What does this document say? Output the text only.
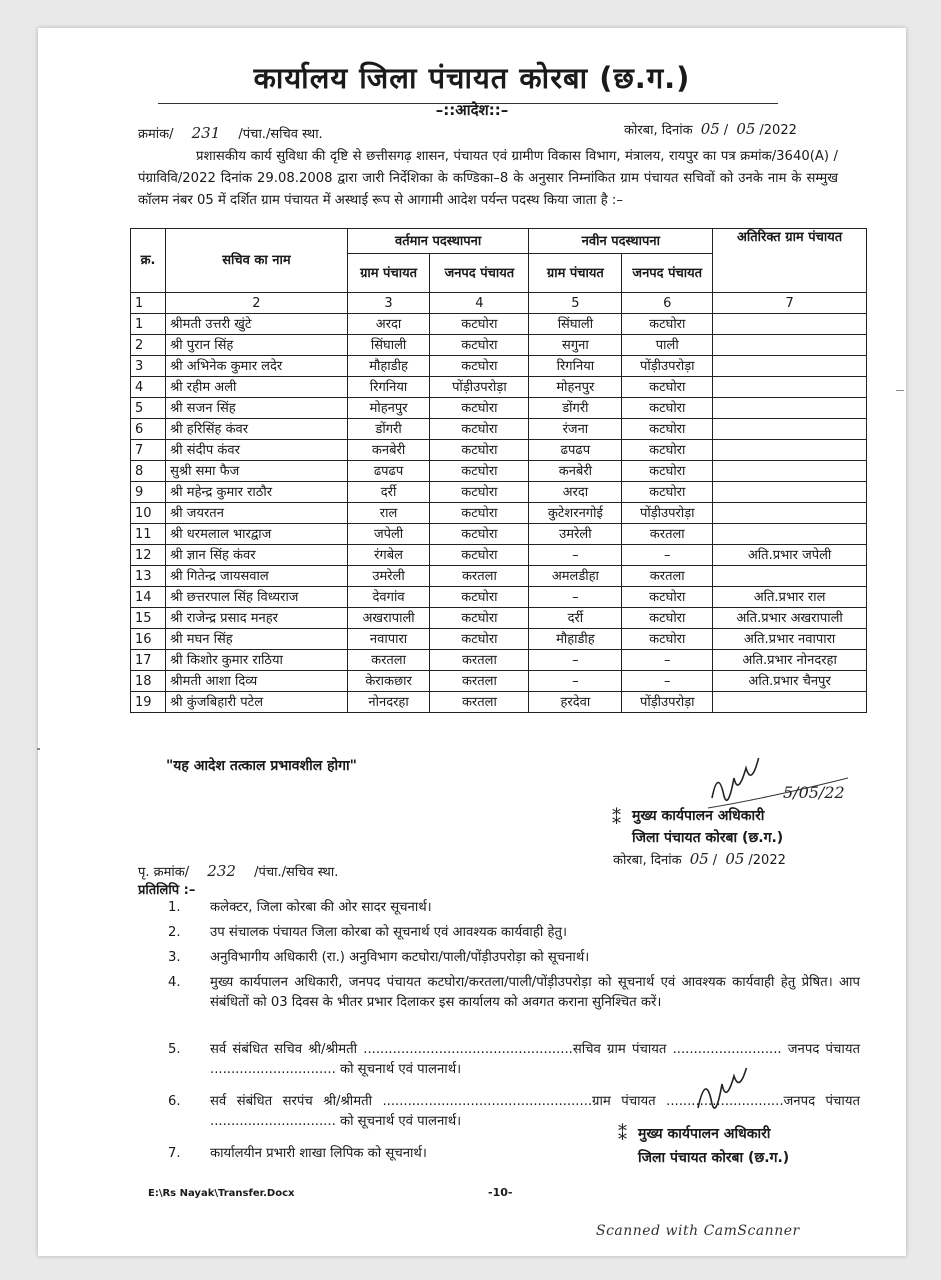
कार्यालय जिला पंचायत कोरबा (छ.ग.)
–::आदेश::–
क्रमांक/ 231 /पंचा./सचिव स्था.	कोरबा, दिनांक 05 / 05 /2022
प्रशासकीय कार्य सुविधा की दृष्टि से छत्तीसगढ़ शासन, पंचायत एवं ग्रामीण विकास विभाग, मंत्रालय, रायपुर का पत्र क्रमांक/3640(A) /पंग्राविवि/2022 दिनांक 29.08.2008 द्वारा जारी निर्देशिका के कण्डिका–8 के अनुसार निम्नांकित ग्राम पंचायत सचिवों को उनके नाम के सम्मुख कॉलम नंबर 05 में दर्शित ग्राम पंचायत में अस्थाई रूप से आगामी आदेश पर्यन्त पदस्थ किया जाता है :–
क्र.	सचिव का नाम	वर्तमान पदस्थापना		नवीन पदस्थापना		अतिरिक्त ग्राम पंचायत
		ग्राम पंचायत	जनपद पंचायत	ग्राम पंचायत	जनपद पंचायत	
1	2	3	4	5	6	7
1	श्रीमती उत्तरी खुंटे	अरदा	कटघोरा	सिंघाली	कटघोरा	
2	श्री पुरान सिंह	सिंघाली	कटघोरा	सगुना	पाली	
3	श्री अभिनेक कुमार लदेर	मौहाडीह	कटघोरा	रिगनिया	पोंड़ीउपरोड़ा	
4	श्री रहीम अली	रिगनिया	पोंड़ीउपरोड़ा	मोहनपुर	कटघोरा	
5	श्री सजन सिंह	मोहनपुर	कटघोरा	डोंगरी	कटघोरा	
6	श्री हरिसिंह कंवर	डोंगरी	कटघोरा	रंजना	कटघोरा	
7	श्री संदीप कंवर	कनबेरी	कटघोरा	ढपढप	कटघोरा	
8	सुश्री समा फैज	ढपढप	कटघोरा	कनबेरी	कटघोरा	
9	श्री महेन्द्र कुमार राठौर	दर्री	कटघोरा	अरदा	कटघोरा	
10	श्री जयरतन	राल	कटघोरा	कुटेशरनगोई	पोंड़ीउपरोड़ा	
11	श्री धरमलाल भारद्वाज	जपेली	कटघोरा	उमरेली	करतला	
12	श्री ज्ञान सिंह कंवर	रंगबेल	कटघोरा	–	–	अति.प्रभार जपेली
13	श्री गितेन्द्र जायसवाल	उमरेली	करतला	अमलडीहा	करतला	
14	श्री छत्तरपाल सिंह विध्यराज	देवगांव	कटघोरा	–	कटघोरा	अति.प्रभार राल
15	श्री राजेन्द्र प्रसाद मनहर	अखरापाली	कटघोरा	दर्री	कटघोरा	अति.प्रभार अखरापाली
16	श्री मघन सिंह	नवापारा	कटघोरा	मौहाडीह	कटघोरा	अति.प्रभार नवापारा
17	श्री किशोर कुमार राठिया	करतला	करतला	–	–	अति.प्रभार नोनदरहा
18	श्रीमती आशा दिव्य	केराकछार	करतला	–	–	अति.प्रभार चैनपुर
19	श्री कुंजबिहारी पटेल	नोनदरहा	करतला	हरदेवा	पोंड़ीउपरोड़ा	
"यह आदेश तत्काल प्रभावशील होगा"
5/05/22
⁑ मुख्य कार्यपालन अधिकारी
जिला पंचायत कोरबा (छ.ग.)
कोरबा, दिनांक 05 / 05 /2022
पृ. क्रमांक/ 232 /पंचा./सचिव स्था.
प्रतिलिपि :–
1.	कलेक्टर, जिला कोरबा की ओर सादर सूचनार्थ।
2.	उप संचालक पंचायत जिला कोरबा को सूचनार्थ एवं आवश्यक कार्यवाही हेतु।
3.	अनुविभागीय अधिकारी (रा.) अनुविभाग कटघोरा/पाली/पोंड़ीउपरोड़ा को सूचनार्थ।
4.	मुख्य कार्यपालन अधिकारी, जनपद पंचायत कटघोरा/करतला/पाली/पोंड़ीउपरोड़ा को सूचनार्थ एवं आवश्यक कार्यवाही हेतु प्रेषित। आप संबंधितों को 03 दिवस के भीतर प्रभार दिलाकर इस कार्यालय को अवगत कराना सुनिश्चित करें।
5.	सर्व संबंधित सचिव श्री/श्रीमती ..................................................सचिव ग्राम पंचायत .......................... जनपद पंचायत .............................. को सूचनार्थ एवं पालनार्थ।
6.	सर्व संबंधित सरपंच श्री/श्रीमती ..................................................ग्राम पंचायत ............................जनपद पंचायत .............................. को सूचनार्थ एवं पालनार्थ।
7.	कार्यालयीन प्रभारी शाखा लिपिक को सूचनार्थ।
⁑ मुख्य कार्यपालन अधिकारी
जिला पंचायत कोरबा (छ.ग.)
E:\Rs Nayak\Transfer.Docx	-10-
Scanned with CamScanner
